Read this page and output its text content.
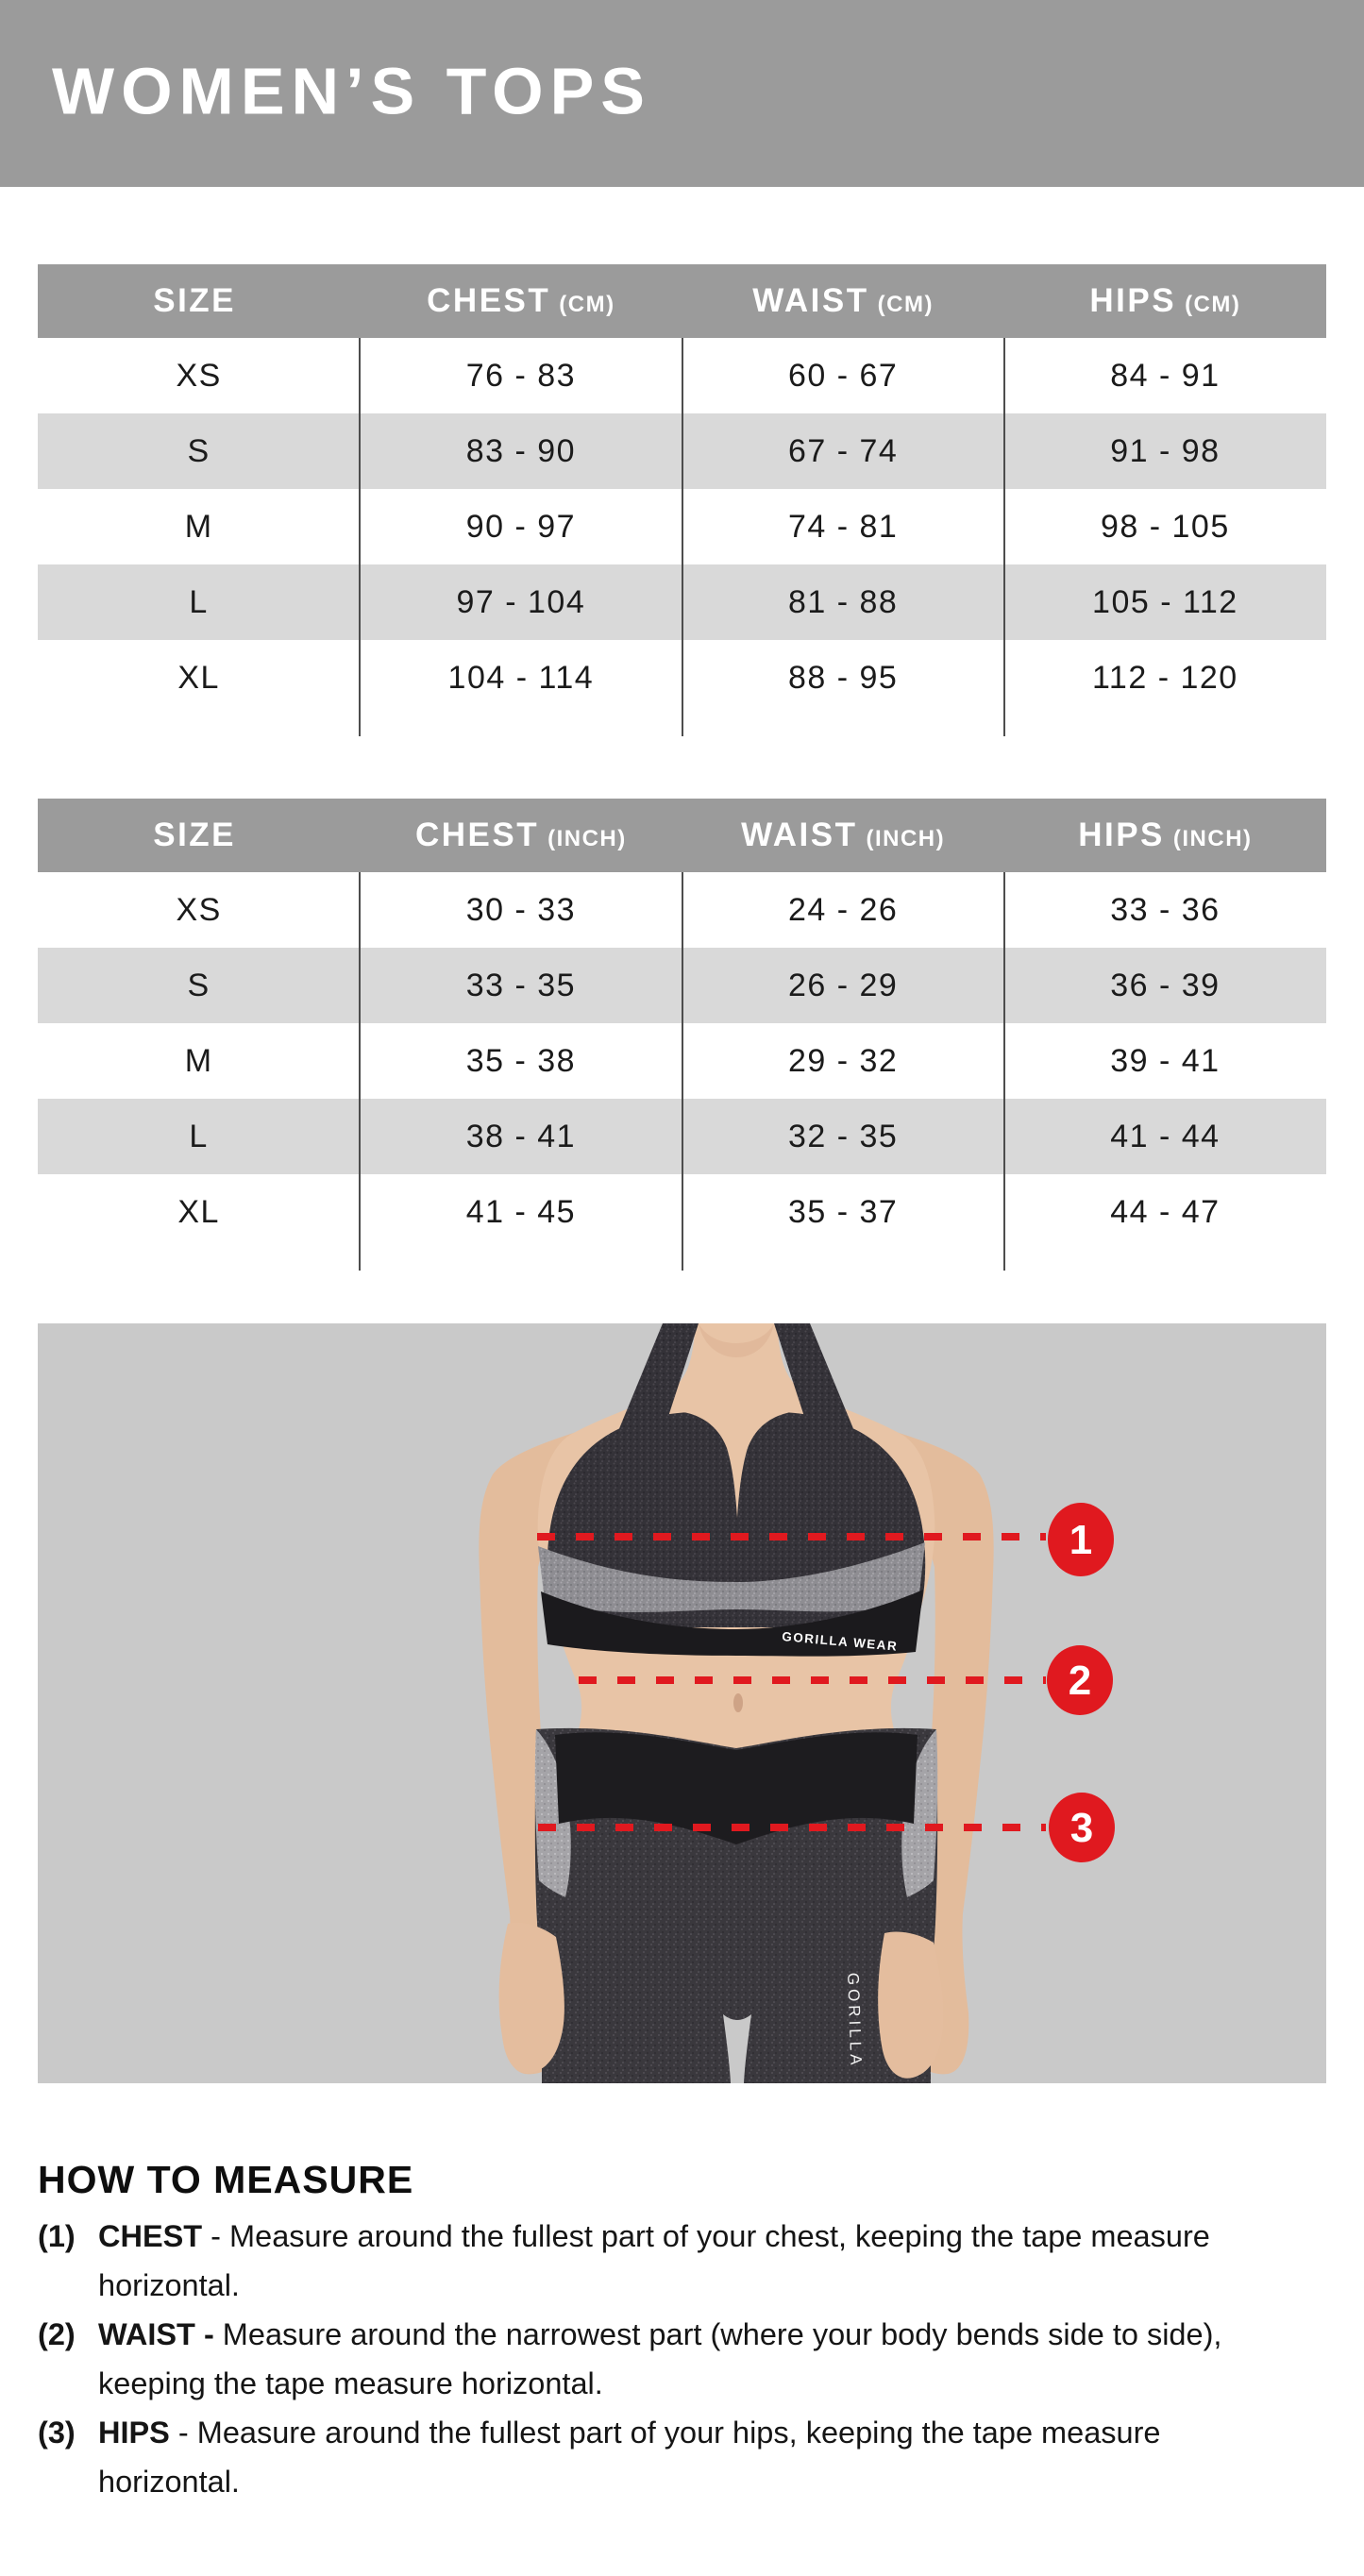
WOMEN’S TOPS
SIZE	CHEST (CM)	WAIST (CM)	HIPS (CM)
XS	76 - 83	60 - 67	84 - 91
S	83 - 90	67 - 74	91 - 98
M	90 - 97	74 - 81	98 - 105
L	97 - 104	81 - 88	105 - 112
XL	104 - 114	88 - 95	112 - 120
SIZE	CHEST (INCH)	WAIST (INCH)	HIPS (INCH)
XS	30 - 33	24 - 26	33 - 36
S	33 - 35	26 - 29	36 - 39
M	35 - 38	29 - 32	39 - 41
L	38 - 41	32 - 35	41 - 44
XL	41 - 45	35 - 37	44 - 47
GORILLA WEAR
GORILLA
1
2
3
HOW TO MEASURE
(1) CHEST - Measure around the fullest part of your chest, keeping the tape measure horizontal.
(2) WAIST - Measure around the narrowest part (where your body bends side to side), keeping the tape measure horizontal.
(3) HIPS - Measure around the fullest part of your hips, keeping the tape measure horizontal.
